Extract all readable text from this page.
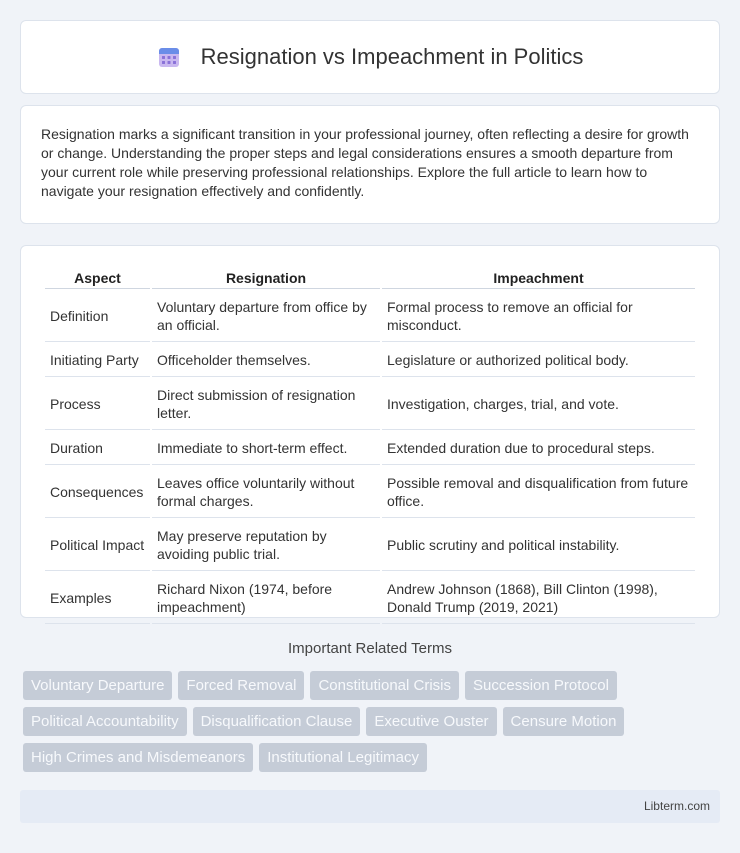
Resignation vs Impeachment in Politics

Resignation marks a significant transition in your professional journey, often reflecting a desire for growth or change. Understanding the proper steps and legal considerations ensures a smooth departure from your current role while preserving professional relationships. Explore the full article to learn how to navigate your resignation effectively and confidently.

Aspect	Resignation	Impeachment
Definition	Voluntary departure from office by an official.	Formal process to remove an official for misconduct.
Initiating Party	Officeholder themselves.	Legislature or authorized political body.
Process	Direct submission of resignation letter.	Investigation, charges, trial, and vote.
Duration	Immediate to short-term effect.	Extended duration due to procedural steps.
Consequences	Leaves office voluntarily without formal charges.	Possible removal and disqualification from future office.
Political Impact	May preserve reputation by avoiding public trial.	Public scrutiny and political instability.
Examples	Richard Nixon (1974, before impeachment)	Andrew Johnson (1868), Bill Clinton (1998), Donald Trump (2019, 2021)
Important Related Terms
Voluntary Departure	Forced Removal	Constitutional Crisis	Succession Protocol
Political Accountability	Disqualification Clause	Executive Ouster	Censure Motion
High Crimes and Misdemeanors	Institutional Legitimacy
Libterm.com
